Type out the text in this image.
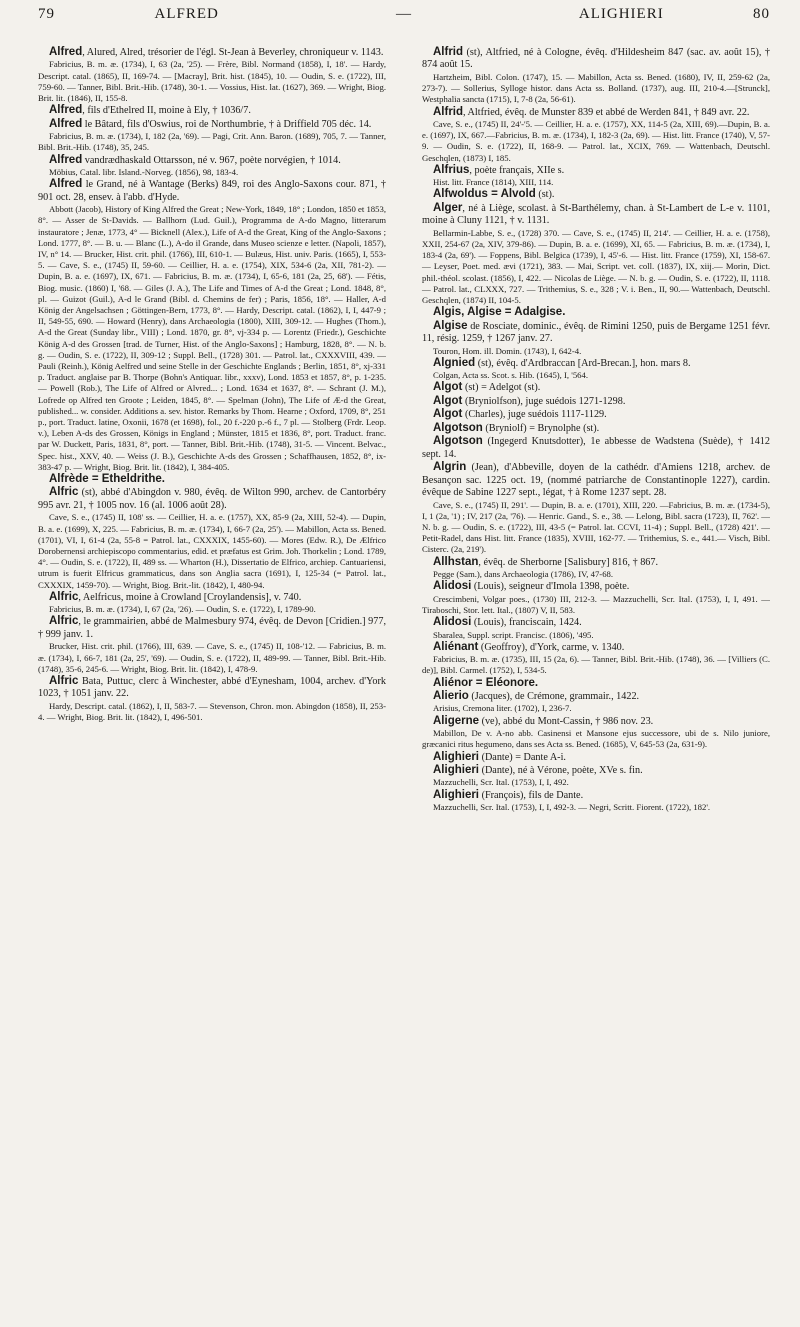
79	ALFRED	—	ALIGHIERI	80

Alfred, Alured, Alred, trésorier de l'égl. St-Jean à Beverley, chroniqueur v. 1143.

Fabricius, B. m. æ. (1734), I, 63 (2a, '25). — Frère, Bibl. Normand (1858), I, 18'. — Hardy, Descript. catal. (1865), II, 169-74. — [Macray], Brit. hist. (1845), 10. — Oudin, S. e. (1722), III, 759-60. — Tanner, Bibl. Brit.-Hib. (1748), 30-1. — Vossius, Hist. lat. (1627), 369. — Wright, Biog. Brit. lit. (1846), II, 155-8.

Alfred, fils d'Ethelred II, moine à Ely, † 1036/7.

Alfred le Bâtard, fils d'Oswius, roi de Northumbrie, † à Driffield 705 déc. 14.

Fabricius, B. m. æ. (1734), I, 182 (2a, '69). — Pagi, Crit. Ann. Baron. (1689), 705, 7. — Tanner, Bibl. Brit.-Hib. (1748), 35, 245.

Alfred vandrædhaskald Ottarsson, né v. 967, poète norvégien, † 1014.

Möbius, Catal. libr. Island.-Norveg. (1856), 98, 183-4.

Alfred le Grand, né à Wantage (Berks) 849, roi des Anglo-Saxons cour. 871, † 901 oct. 28, ensev. à l'abb. d'Hyde.

Abbott (Jacob), History of King Alfred the Great ; New-York, 1849, 18° ; London, 1850 et 1853, 8°. — Asser de St-Davids. — Ballhorn (Lud. Guil.), Programma de A-do Magno, litterarum instauratore ; Jenæ, 1773, 4° — Bicknell (Alex.), Life of A-d the Great, King of the Anglo-Saxons ; Lond. 1777, 8°. — B. u. — Blanc (L.), A-do il Grande, dans Museo scienze e letter. (Napoli, 1857), IV, n° 14. — Brucker, Hist. crit. phil. (1766), III, 610-1. — Bulæus, Hist. univ. Paris. (1665), I, 553-5. — Cave, S. e., (1745) II, 59-60. — Ceillier, H. a. e. (1754), XIX, 534-6 (2a, XII, 781-2). — Dupin, B. a. e. (1697), IX, 671. — Fabricius, B. m. æ. (1734), I, 65-6, 181 (2a, 25, 68'). — Fétis, Biog. music. (1860) I, '68. — Giles (J. A.), The Life and Times of A-d the Great ; Lond. 1848, 8°, pl. — Guizot (Guil.), A-d le Grand (Bibl. d. Chemins de fer) ; Paris, 1856, 18°. — Haller, A-d König der Angelsachsen ; Göttingen-Bern, 1773, 8°. — Hardy, Descript. catal. (1862), I, I, 447-9 ; II, 549-55, 690. — Howard (Henry), dans Archaeologia (1800), XIII, 309-12. — Hughes (Thom.), A-d the Great (Sunday libr., VIII) ; Lond. 1870, gr. 8°, vj-334 p. — Lorentz (Friedr.), Geschichte König A-d des Grossen [trad. de Turner, Hist. of the Anglo-Saxons] ; Hamburg, 1828, 8°. — N. b. g. — Oudin, S. e. (1722), II, 309-12 ; Suppl. Bell., (1728) 301. — Patrol. lat., CXXXVIII, 439. — Pauli (Reinh.), König Aelfred und seine Stelle in der Geschichte Englands ; Berlin, 1851, 8°, xj-331 p. Traduct. anglaise par B. Thorpe (Bohn's Antiquar. libr., xxxv), Lond. 1853 et 1857, 8°, p. 1-235. — Powell (Rob.), The Life of Alfred or Alvred... ; Lond. 1634 et 1637, 8°. — Schrant (J. M.), Lofrede op Alfred ten Groote ; Leiden, 1845, 8°. — Spelman (John), The Life of Æ-d the Great, published... w. consider. Additions a. sev. histor. Remarks by Thom. Hearne ; Oxford, 1709, 8°, 251 p., port. Traduct. latine, Oxonii, 1678 (et 1698), fol., 20 f.-220 p.-6 f., 7 pl. — Stolberg (Frdr. Leop. v.), Leben A-ds des Grossen, Königs in England ; Münster, 1815 et 1836, 8°, port. Traduct. franc. par W. Duckett, Paris, 1831, 8°, port. — Tanner, Bibl. Brit.-Hib. (1748), 31-5. — Vincent. Belvac., Spec. hist., XXV, 40. — Weiss (J. B.), Geschichte A-ds des Grossen ; Schaffhausen, 1852, 8°, ix-383-47 p. — Wright, Biog. Brit. lit. (1842), I, 384-405.

Alfrède = Etheldrithe.

Alfric (st), abbé d'Abingdon v. 980, évêq. de Wilton 990, archev. de Cantorbéry 995 avr. 21, † 1005 nov. 16 (al. 1006 août 28).

Cave, S. e., (1745) II, 108' ss. — Ceillier, H. a. e. (1757), XX, 85-9 (2a, XIII, 52-4). — Dupin, B. a. e. (1699), X, 225. — Fabricius, B. m. æ. (1734), I, 66-7 (2a, 25'). — Mabillon, Acta ss. Bened. (1701), VI, I, 61-4 (2a, 55-8 = Patrol. lat., CXXXIX, 1455-60). — Mores (Edw. R.), De Ælfrico Dorobernensi archiepiscopo commentarius, edid. et præfatus est Grim. Joh. Thorkelin ; Lond. 1789, 4°. — Oudin, S. e. (1722), II, 489 ss. — Wharton (H.), Dissertatio de Elfrico, archiep. Cantuariensi, utrum is fuerit Elfricus grammaticus, dans son Anglia sacra (1691), I, 125-34 (= Patrol. lat., CXXXIX, 1459-70). — Wright, Biog. Brit.-lit. (1842), I, 480-94.

Alfric, Aelfricus, moine à Crowland [Croylandensis], v. 740.

Fabricius, B. m. æ. (1734), I, 67 (2a, '26). — Oudin, S. e. (1722), I, 1789-90.

Alfric, le grammairien, abbé de Malmesbury 974, évêq. de Devon [Cridien.] 977, † 999 janv. 1.

Brucker, Hist. crit. phil. (1766), III, 639. — Cave, S. e., (1745) II, 108-'12. — Fabricius, B. m. æ. (1734), I, 66-7, 181 (2a, 25', '69). — Oudin, S. e. (1722), II, 489-99. — Tanner, Bibl. Brit.-Hib. (1748), 35-6, 245-6. — Wright, Biog. Brit. lit. (1842), I, 478-9.

Alfric Bata, Puttuc, clerc à Winchester, abbé d'Eynesham, 1004, archev. d'York 1023, † 1051 janv. 22.

Hardy, Descript. catal. (1862), I, II, 583-7. — Stevenson, Chron. mon. Abingdon (1858), II, 253-4. — Wright, Biog. Brit. lit. (1842), I, 496-501.

Alfrid (st), Altfried, né à Cologne, évêq. d'Hildesheim 847 (sac. av. août 15), † 874 août 15.

Hartzheim, Bibl. Colon. (1747), 15. — Mabillon, Acta ss. Bened. (1680), IV, II, 259-62 (2a, 273-7). — Sollerius, Sylloge histor. dans Acta ss. Bolland. (1737), aug. III, 210-4.—[Strunck], Westphalia sancta (1715), I, 7-8 (2a, 56-61).

Alfrid, Altfried, évêq. de Munster 839 et abbé de Werden 841, † 849 avr. 22.

Cave, S. e., (1745) II, 24'-'5. — Ceillier, H. a. e. (1757), XX, 114-5 (2a, XIII, 69).—Dupin, B. a. e. (1697), IX, 667.—Fabricius, B. m. æ. (1734), I, 182-3 (2a, 69). — Hist. litt. France (1740), V, 57-9. — Oudin, S. e. (1722), II, 168-9. — Patrol. lat., XCIX, 769. — Wattenbach, Deutschl. Geschqlen, (1873) I, 185.

Alfrius, poète français, XIIe s.

Hist. litt. France (1814), XIII, 114.

Alfwoldus = Alvold (st).

Alger, né à Liège, scolast. à St-Barthélemy, chan. à St-Lambert de L-e v. 1101, moine à Cluny 1121, † v. 1131.

Bellarmin-Labbe, S. e., (1728) 370. — Cave, S. e., (1745) II, 214'. — Ceillier, H. a. e. (1758), XXII, 254-67 (2a, XIV, 379-86). — Dupin, B. a. e. (1699), XI, 65. — Fabricius, B. m. æ. (1734), I, 183-4 (2a, 69'). — Foppens, Bibl. Belgica (1739), I, 45'-6. — Hist. litt. France (1759), XI, 158-67. — Leyser, Poet. med. ævi (1721), 383. — Mai, Script. vet. coll. (1837), IX, xiij.— Morin, Dict. phil.-théol. scolast. (1856), I, 422. — Nicolas de Liège. — N. b. g. — Oudin, S. e. (1722), II, 1118. — Patrol. lat., CLXXX, 727. — Trithemius, S. e., 328 ; V. i. Ben., II, 90.— Wattenbach, Deutschl. Geschqlen, (1874) II, 104-5.

Algis, Algise = Adalgise.

Algise de Rosciate, dominic., évêq. de Rimini 1250, puis de Bergame 1251 févr. 11, résig. 1259, † 1267 janv. 27.

Touron, Hom. ill. Domin. (1743), I, 642-4.

Algnied (st), évêq. d'Ardbraccan [Ard-Brecan.], hon. mars 8.

Colgan, Acta ss. Scot. s. Hib. (1645), I, '564.

Algot (st) = Adelgot (st).

Algot (Bryniolfson), juge suédois 1271-1298.

Algot (Charles), juge suédois 1117-1129.

Algotson (Bryniolf) = Brynolphe (st).

Algotson (Ingegerd Knutsdotter), 1e abbesse de Wadstena (Suède), † 1412 sept. 14.

Algrin (Jean), d'Abbeville, doyen de la cathédr. d'Amiens 1218, archev. de Besançon sac. 1225 oct. 19, (nommé patriarche de Constantinople 1227), cardin. évêque de Sabine 1227 sept., légat, † à Rome 1237 sept. 28.

Cave, S. e., (1745) II, 291'. — Dupin, B. a. e. (1701), XIII, 220. —Fabricius, B. m. æ. (1734-5), I, 1 (2a, '1) ; IV, 217 (2a, '76). — Henric. Gand., S. e., 38. — Lelong, Bibl. sacra (1723), II, 762'. — N. b. g. — Oudin, S. e. (1722), III, 43-5 (= Patrol. lat. CCVI, 11-4) ; Suppl. Bell., (1728) 421'. — Petit-Radel, dans Hist. litt. France (1835), XVIII, 162-77. — Trithemius, S. e., 441.— Visch, Bibl. Cisterc. (2a, 219').

Allhstan, évêq. de Sherborne [Salisbury] 816, † 867.

Pegge (Sam.), dans Archaeologia (1786), IV, 47-68.

Alidosi (Louis), seigneur d'Imola 1398, poète.

Crescimbeni, Volgar poes., (1730) III, 212-3. — Mazzuchelli, Scr. Ital. (1753), I, I, 491. — Tiraboschi, Stor. lett. Ital., (1807) V, II, 583.

Alidosi (Louis), franciscain, 1424.

Sbaralea, Suppl. script. Francisc. (1806), '495.

Aliénant (Geoffroy), d'York, carme, v. 1340.

Fabricius, B. m. æ. (1735), III, 15 (2a, 6). — Tanner, Bibl. Brit.-Hib. (1748), 36. — [Villiers (C. de)], Bibl. Carmel. (1752), I, 534-5.

Aliénor = Eléonore.

Alierio (Jacques), de Crémone, grammair., 1422.

Arisius, Cremona liter. (1702), I, 236-7.

Aligerne (ve), abbé du Mont-Cassin, † 986 nov. 23.

Mabillon, De v. A-no abb. Casinensi et Mansone ejus successore, ubi de s. Nilo juniore, græcanici ritus hegumeno, dans ses Acta ss. Bened. (1685), V, 645-53 (2a, 631-9).

Alighieri (Dante) = Dante A-i.

Alighieri (Dante), né à Vérone, poète, XVe s. fin.

Mazzuchelli, Scr. Ital. (1753), I, I, 492.

Alighieri (François), fils de Dante.

Mazzuchelli, Scr. Ital. (1753), I, I, 492-3. — Negri, Scritt. Fiorent. (1722), 182'.
